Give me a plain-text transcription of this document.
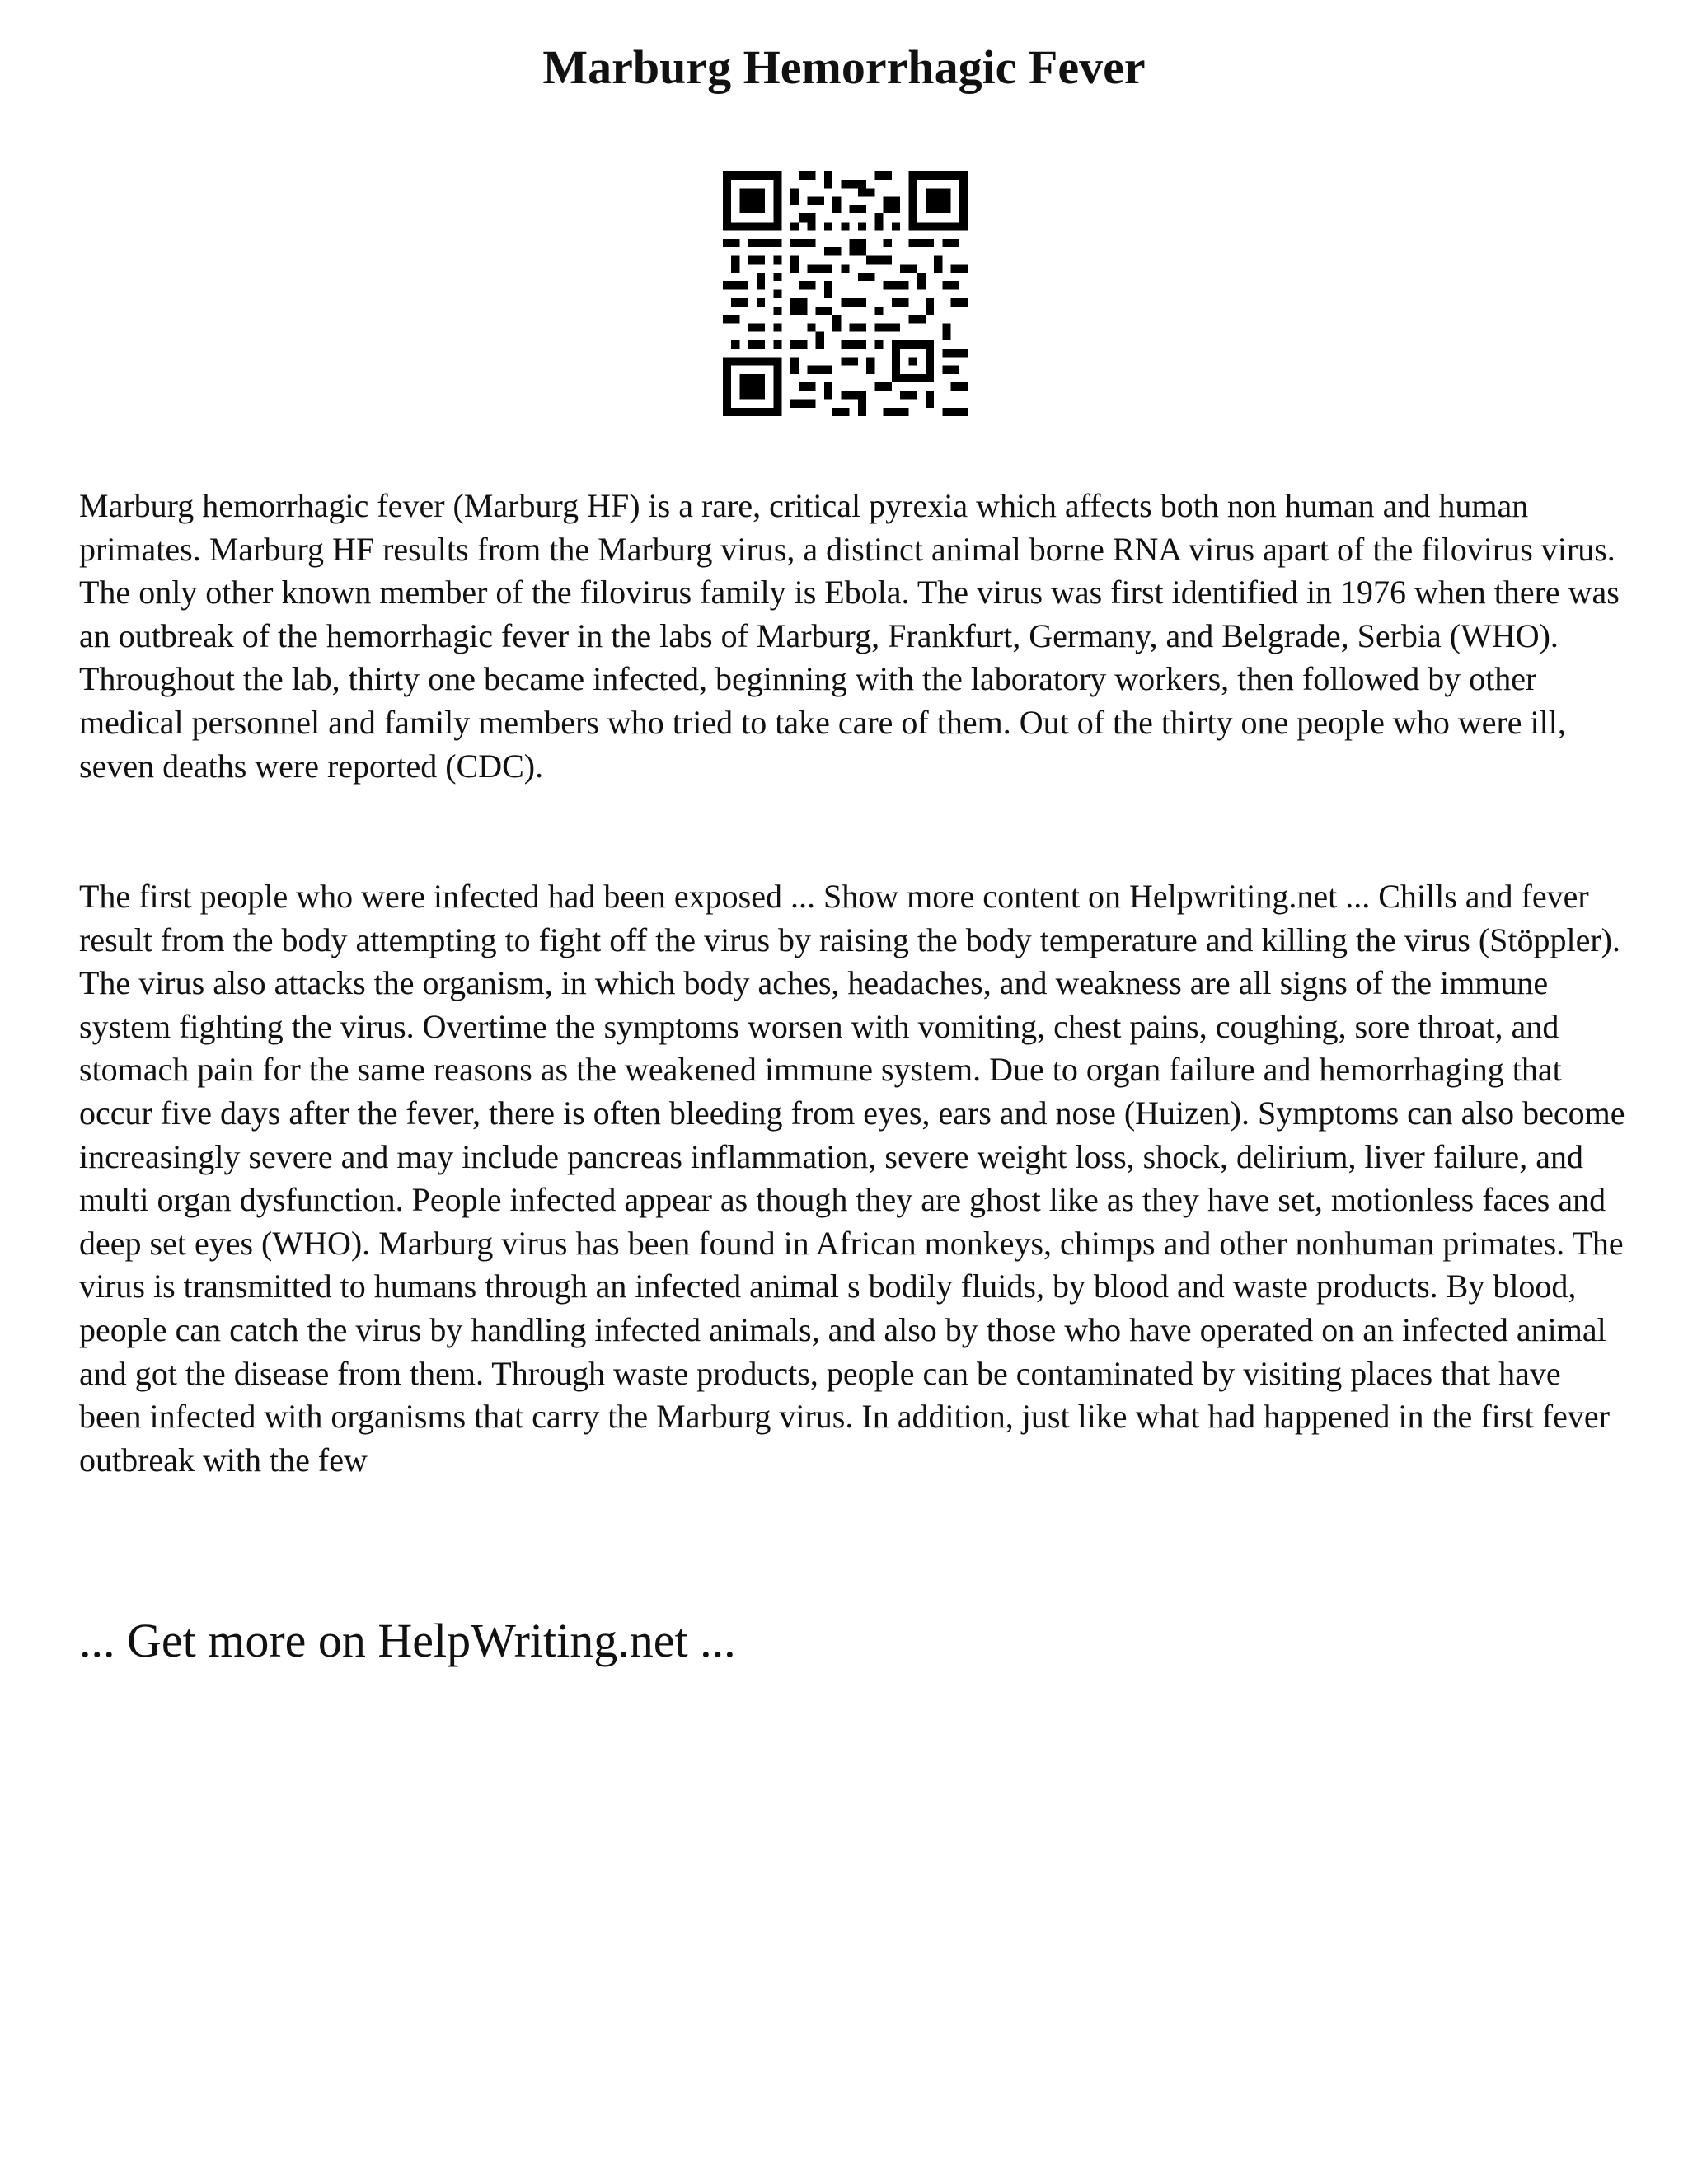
Marburg Hemorrhagic Fever

Marburg hemorrhagic fever (Marburg HF) is a rare, critical pyrexia which affects both non human and human primates. Marburg HF results from the Marburg virus, a distinct animal borne RNA virus apart of the filovirus virus. The only other known member of the filovirus family is Ebola. The virus was first identified in 1976 when there was an outbreak of the hemorrhagic fever in the labs of Marburg, Frankfurt, Germany, and Belgrade, Serbia (WHO). Throughout the lab, thirty one became infected, beginning with the laboratory workers, then followed by other medical personnel and family members who tried to take care of them. Out of the thirty one people who were ill, seven deaths were reported (CDC).

The first people who were infected had been exposed ... Show more content on Helpwriting.net ... Chills and fever result from the body attempting to fight off the virus by raising the body temperature and killing the virus (Stöppler). The virus also attacks the organism, in which body aches, headaches, and weakness are all signs of the immune system fighting the virus. Overtime the symptoms worsen with vomiting, chest pains, coughing, sore throat, and stomach pain for the same reasons as the weakened immune system. Due to organ failure and hemorrhaging that occur five days after the fever, there is often bleeding from eyes, ears and nose (Huizen). Symptoms can also become increasingly severe and may include pancreas inflammation, severe weight loss, shock, delirium, liver failure, and multi organ dysfunction. People infected appear as though they are ghost like as they have set, motionless faces and deep set eyes (WHO). Marburg virus has been found in African monkeys, chimps and other nonhuman primates. The virus is transmitted to humans through an infected animal s bodily fluids, by blood and waste products. By blood, people can catch the virus by handling infected animals, and also by those who have operated on an infected animal and got the disease from them. Through waste products, people can be contaminated by visiting places that have been infected with organisms that carry the Marburg virus. In addition, just like what had happened in the first fever outbreak with the few

... Get more on HelpWriting.net ...
